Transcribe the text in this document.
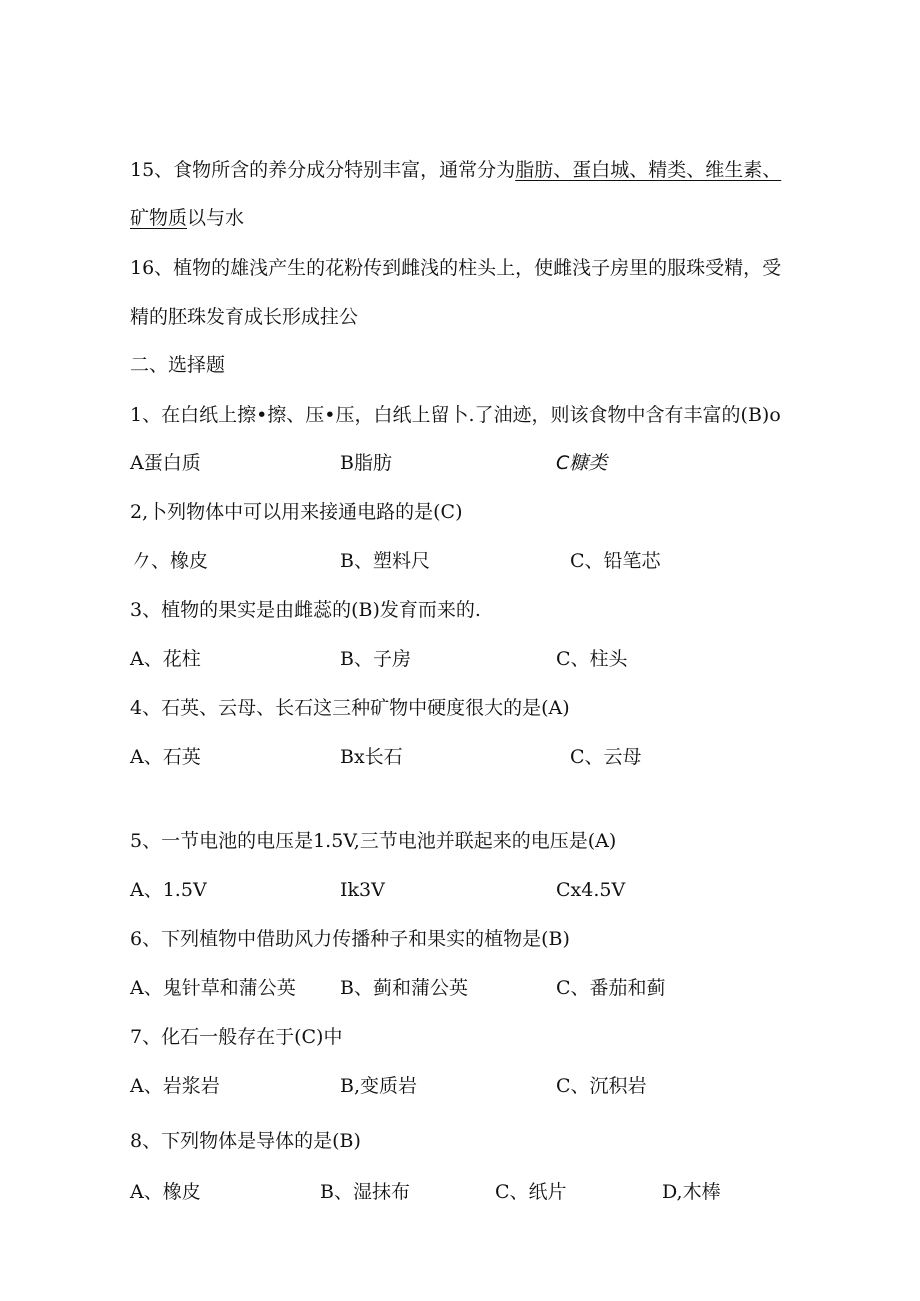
15、食物所含的养分成分特别丰富，通常分为脂肪、蛋白城、精类、维生素、
矿物质以与水
16、植物的雄浅产生的花粉传到雌浅的柱头上，使雌浅子房里的服珠受精，受
精的胚珠发育成长形成拄公
二、选择题
1、在白纸上擦•擦、压•压，白纸上留卜.了油迹，则该食物中含有丰富的(B)o
A蛋白质	B脂肪	C糠类
2,卜列物体中可以用来接通电路的是(C)
𠂊、橡皮	B、塑料尺	C、铅笔芯
3、植物的果实是由雌蕊的(B)发育而来的.
A、花柱	B、子房	C、柱头
4、石英、云母、长石这三种矿物中硬度很大的是(A)
A、石英	Bx长石	C、云母
5、一节电池的电压是1.5V,三节电池并联起来的电压是(A)
A、1.5V	Ik3V	Cx4.5V
6、下列植物中借助风力传播种子和果实的植物是(B)
A、鬼针草和蒲公英 B、蓟和蒲公英	C、番茄和蓟
7、化石一般存在于(C)中
A、岩浆岩	B,变质岩	C、沉积岩
8、下列物体是导体的是(B)
A、橡皮	B、湿抹布	C、纸片	D,木棒
